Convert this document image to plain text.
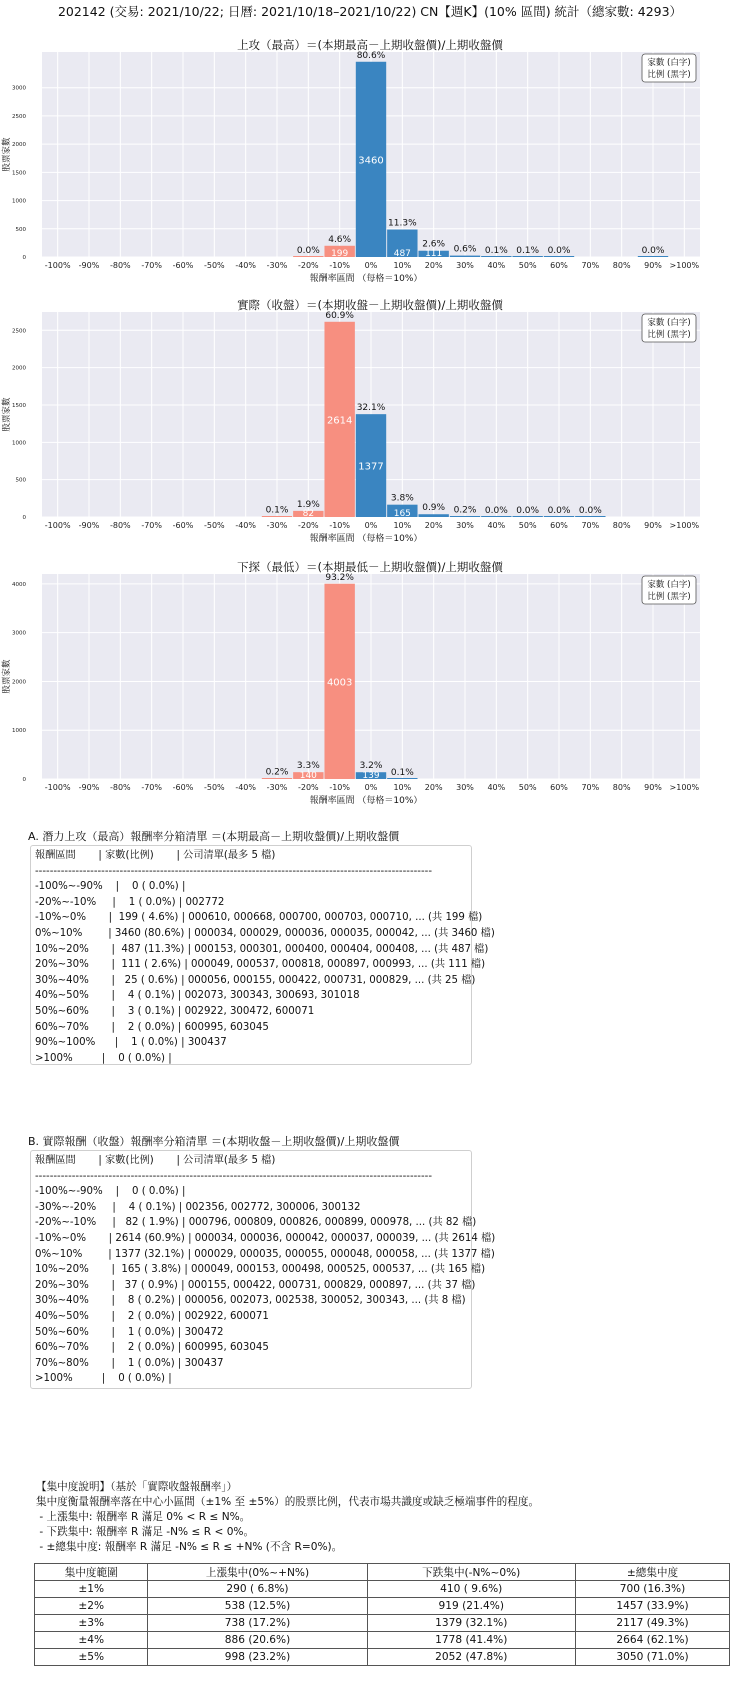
202142 (交易: 2021/10/22; 日曆: 2021/10/18–2021/10/22) CN【週K】(10% 區間) 統計（總家數: 4293）
上攻（最高）＝(本期最高－上期收盤價)/上期收盤價
-100% -90% -80% -70% -60% -50% -40% -30% -20% -10% 0% 10% 20% 30% 40% 50% 60% 70% 80% 90% >100%
0
500
1000
1500
2000
2500
3000
股票家數
報酬率區間 （每格＝10%）
家數 (白字)
比例 (黑字)
0.0%
4.6%
199
80.6%
3460
11.3%
487
2.6%
111 0.6% 0.1% 0.1% 0.0%	0.0%
實際（收盤）＝(本期收盤－上期收盤價)/上期收盤價
-100% -90% -80% -70% -60% -50% -40% -30% -20% -10% 0% 10% 20% 30% 40% 50% 60% 70% 80% 90% >100%
0
500
1000
1500
2000
2500
股票家數
報酬率區間 （每格＝10%）
家數 (白字)
比例 (黑字)
0.1%
1.9%
82
60.9%
2614
32.1%
1377
3.8%
165
0.9% 0.2% 0.0% 0.0% 0.0% 0.0%
下探（最低）＝(本期最低－上期收盤價)/上期收盤價
-100% -90% -80% -70% -60% -50% -40% -30% -20% -10% 0% 10% 20% 30% 40% 50% 60% 70% 80% 90% >100%
0
1000
2000
3000
4000
股票家數
報酬率區間 （每格＝10%）
家數 (白字)
比例 (黑字)
0.2%
3.3%
140
93.2%
4003
3.2%
139 0.1%
A. 潛力上攻（最高）報酬率分箱清單 ＝(本期最高－上期收盤價)/上期收盤價
報酬區間       | 家數(比例)       | 公司清單(最多 5 檔)
------------------------------------------------------------------------------------------------------------
-100%~-90%    |    0 ( 0.0%) |
-20%~-10%     |    1 ( 0.0%) | 002772
-10%~0%       |  199 ( 4.6%) | 000610, 000668, 000700, 000703, 000710, ... (共 199 檔)
0%~10%        | 3460 (80.6%) | 000034, 000029, 000036, 000035, 000042, ... (共 3460 檔)
10%~20%       |  487 (11.3%) | 000153, 000301, 000400, 000404, 000408, ... (共 487 檔)
20%~30%       |  111 ( 2.6%) | 000049, 000537, 000818, 000897, 000993, ... (共 111 檔)
30%~40%       |   25 ( 0.6%) | 000056, 000155, 000422, 000731, 000829, ... (共 25 檔)
40%~50%       |    4 ( 0.1%) | 002073, 300343, 300693, 301018
50%~60%       |    3 ( 0.1%) | 002922, 300472, 600071
60%~70%       |    2 ( 0.0%) | 600995, 603045
90%~100%      |    1 ( 0.0%) | 300437
>100%         |    0 ( 0.0%) |
B. 實際報酬（收盤）報酬率分箱清單 ＝(本期收盤－上期收盤價)/上期收盤價
報酬區間       | 家數(比例)       | 公司清單(最多 5 檔)
------------------------------------------------------------------------------------------------------------
-100%~-90%    |    0 ( 0.0%) |
-30%~-20%     |    4 ( 0.1%) | 002356, 002772, 300006, 300132
-20%~-10%     |   82 ( 1.9%) | 000796, 000809, 000826, 000899, 000978, ... (共 82 檔)
-10%~0%       | 2614 (60.9%) | 000034, 000036, 000042, 000037, 000039, ... (共 2614 檔)
0%~10%        | 1377 (32.1%) | 000029, 000035, 000055, 000048, 000058, ... (共 1377 檔)
10%~20%       |  165 ( 3.8%) | 000049, 000153, 000498, 000525, 000537, ... (共 165 檔)
20%~30%       |   37 ( 0.9%) | 000155, 000422, 000731, 000829, 000897, ... (共 37 檔)
30%~40%       |    8 ( 0.2%) | 000056, 002073, 002538, 300052, 300343, ... (共 8 檔)
40%~50%       |    2 ( 0.0%) | 002922, 600071
50%~60%       |    1 ( 0.0%) | 300472
60%~70%       |    2 ( 0.0%) | 600995, 603045
70%~80%       |    1 ( 0.0%) | 300437
>100%         |    0 ( 0.0%) |
【集中度說明】（基於「實際收盤報酬率」）
集中度衡量報酬率落在中心小區間（±1% 至 ±5%）的股票比例，代表市場共識度或缺乏極端事件的程度。
- 上漲集中: 報酬率 R 滿足 0% < R ≤ N%。
- 下跌集中: 報酬率 R 滿足 -N% ≤ R < 0%。
- ±總集中度: 報酬率 R 滿足 -N% ≤ R ≤ +N% (不含 R=0%)。
集中度範圍	上漲集中(0%~+N%)	下跌集中(-N%~0%)	±總集中度
±1%	290 ( 6.8%)	410 ( 9.6%)	700 (16.3%)
±2%	538 (12.5%)	919 (21.4%)	1457 (33.9%)
±3%	738 (17.2%)	1379 (32.1%)	2117 (49.3%)
±4%	886 (20.6%)	1778 (41.4%)	2664 (62.1%)
±5%	998 (23.2%)	2052 (47.8%)	3050 (71.0%)
